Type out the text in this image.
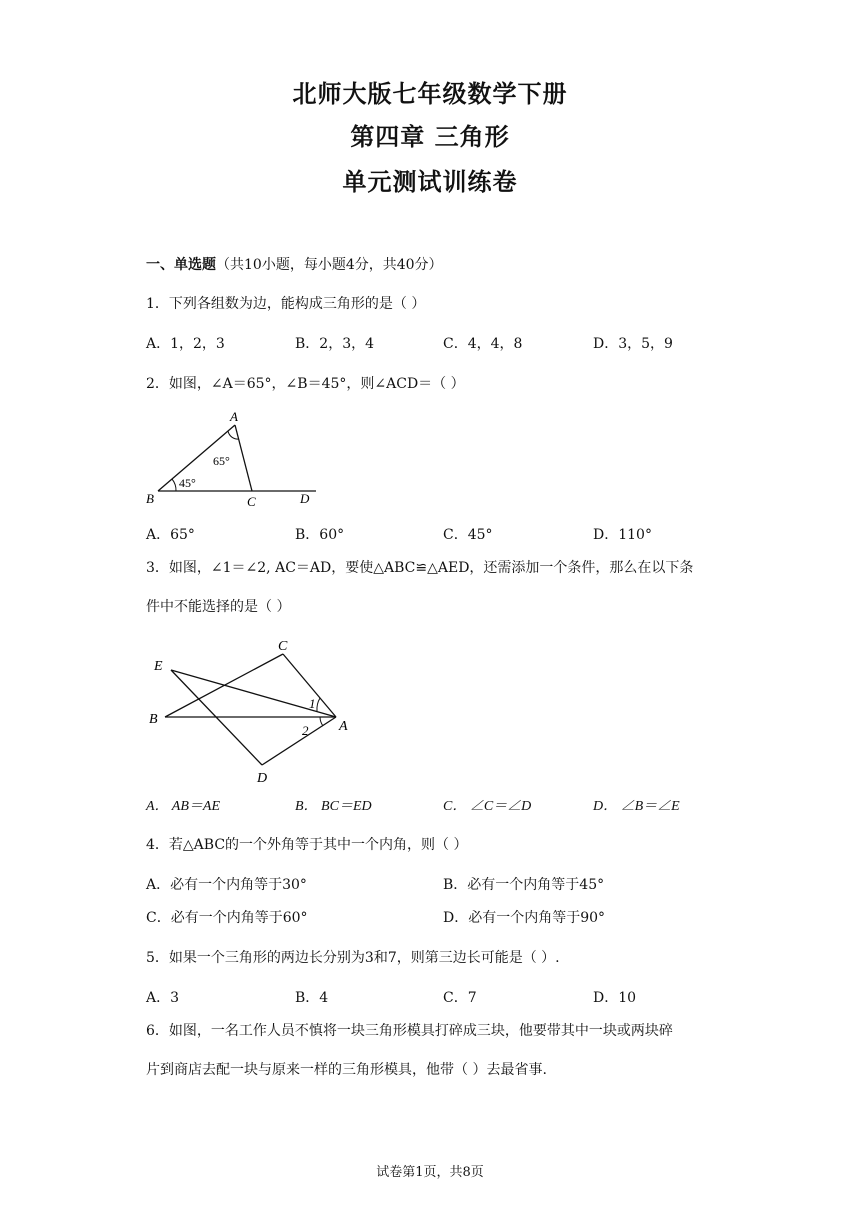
北师大版七年级数学下册
第四章 三角形
单元测试训练卷
一、单选题（共10小题，每小题4分，共40分）
1．下列各组数为边，能构成三角形的是（ ）
A．1，2，3	B．2，3，4	C．4，4，8	D．3，5，9
2．如图，∠A＝65°，∠B＝45°，则∠ACD＝（ ）
A
B	C	D
65°
45°
A．65°	B．60°	C．45°	D．110°
3．如图，∠1＝∠2, AC＝AD，要使△ABC≌△AED，还需添加一个条件，那么在以下条
件中不能选择的是（ ）
C
E
B	A
D
1
2
A． AB＝AE	B． BC＝ED	C． ∠C＝∠D	D． ∠B＝∠E
4．若△ABC的一个外角等于其中一个内角，则（ ）
A．必有一个内角等于30°	B．必有一个内角等于45°
C．必有一个内角等于60°	D．必有一个内角等于90°
5．如果一个三角形的两边长分别为3和7，则第三边长可能是（ ）.
A．3	B．4	C．7	D．10
6．如图，一名工作人员不慎将一块三角形模具打碎成三块，他要带其中一块或两块碎
片到商店去配一块与原来一样的三角形模具，他带（ ）去最省事.
试卷第1页，共8页
